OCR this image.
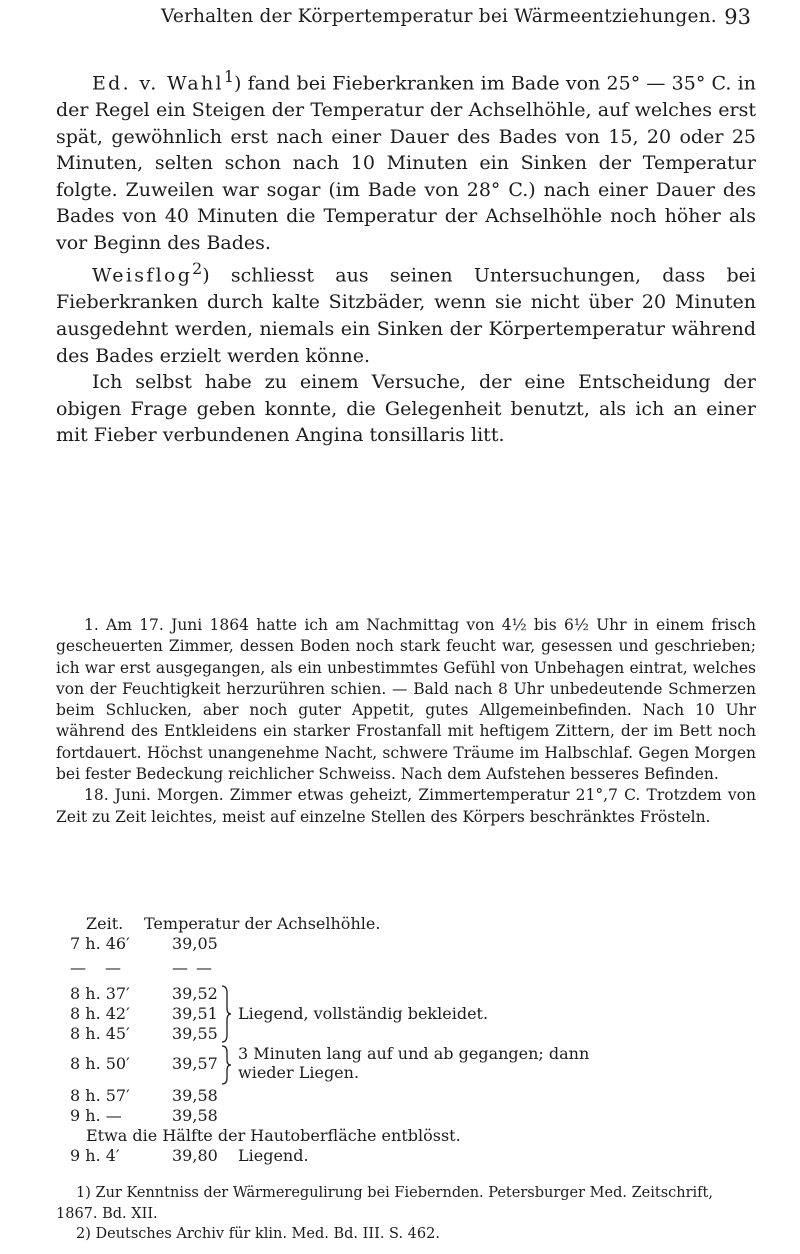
Verhalten der Körpertemperatur bei Wärmeentziehungen. 93

Ed. v. Wahl$^1$) fand bei Fieberkranken im Bade von 25° — 35° C. in der Regel ein Steigen der Temperatur der Achselhöhle, auf welches erst spät, gewöhnlich erst nach einer Dauer des Bades von 15, 20 oder 25 Minuten, selten schon nach 10 Minuten ein Sinken der Temperatur folgte. Zuweilen war sogar (im Bade von 28° C.) nach einer Dauer des Bades von 40 Minuten die Temperatur der Achselhöhle noch höher als vor Beginn des Bades.

Weisflog$^2$) schliesst aus seinen Untersuchungen, dass bei Fieberkranken durch kalte Sitzbäder, wenn sie nicht über 20 Minuten ausgedehnt werden, niemals ein Sinken der Körpertemperatur während des Bades erzielt werden könne.

Ich selbst habe zu einem Versuche, der eine Entscheidung der obigen Frage geben konnte, die Gelegenheit benutzt, als ich an einer mit Fieber verbundenen Angina tonsillaris litt.

1. Am 17. Juni 1864 hatte ich am Nachmittag von 4½ bis 6½ Uhr in einem frisch gescheuerten Zimmer, dessen Boden noch stark feucht war, gesessen und geschrieben; ich war erst ausgegangen, als ein unbestimmtes Gefühl von Unbehagen eintrat, welches von der Feuchtigkeit herzurühren schien. — Bald nach 8 Uhr unbedeutende Schmerzen beim Schlucken, aber noch guter Appetit, gutes Allgemeinbefinden. Nach 10 Uhr während des Entkleidens ein starker Frostanfall mit heftigem Zittern, der im Bett noch fortdauert. Höchst unangenehme Nacht, schwere Träume im Halbschlaf. Gegen Morgen bei fester Bedeckung reichlicher Schweiss. Nach dem Aufstehen besseres Befinden.

18. Juni. Morgen. Zimmer etwas geheizt, Zimmertemperatur 21°,7 C. Trotzdem von Zeit zu Zeit leichtes, meist auf einzelne Stellen des Körpers beschränktes Frösteln.

Zeit. Temperatur der Achselhöhle.
7 h. 46′	39,05
— —	— —
8 h. 37′	39,52
8 h. 42′	39,51
8 h. 45′	39,55
Liegend, vollständig bekleidet.
8 h. 50′	39,57
3 Minuten lang auf und ab gegangen; dann
wieder Liegen.
8 h. 57′	39,58
9 h. —	39,58
Etwa die Hälfte der Hautoberfläche entblösst.
9 h. 4′	39,80 Liegend.

1) Zur Kenntniss der Wärmeregulirung bei Fiebernden. Petersburger Med. Zeitschrift, 1867. Bd. XII.

2) Deutsches Archiv für klin. Med. Bd. III. S. 462.
